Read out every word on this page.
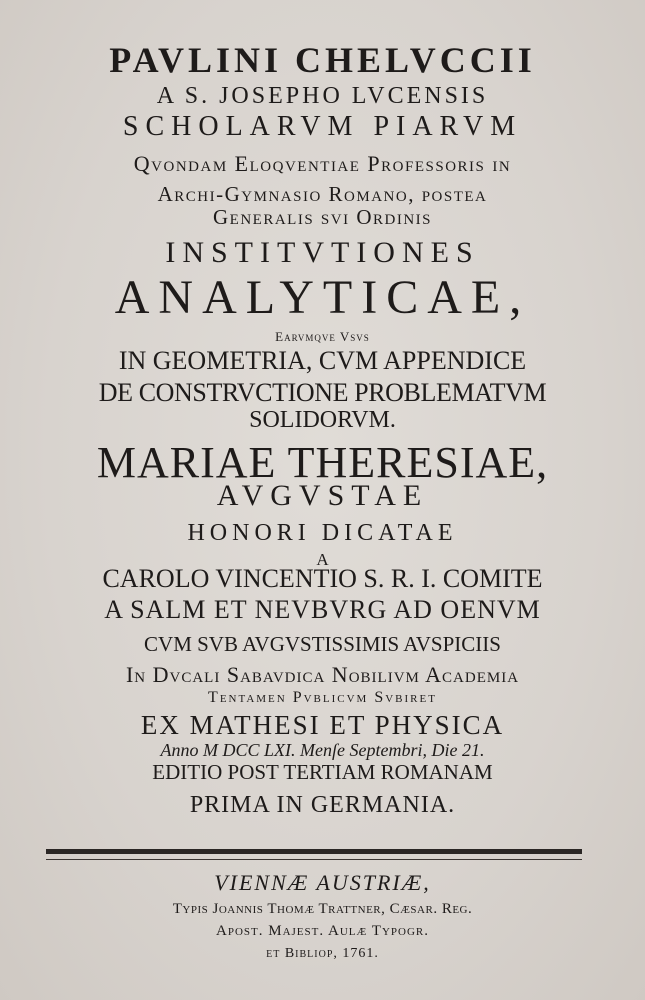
PAVLINI CHELVCCII
A S. JOSEPHO LVCENSIS
SCHOLARVM PIARVM
Qvondam Eloqventiae Professoris in
Archi-Gymnasio Romano, postea
Generalis svi Ordinis
INSTITVTIONES
ANALYTICAE,
Earvmqve Vsvs
IN GEOMETRIA, CVM APPENDICE
DE CONSTRVCTIONE PROBLEMATVM
SOLIDORVM.
MARIAE THERESIAE,
AVGVSTAE
HONORI DICATAE
A
CAROLO VINCENTIO S. R. I. COMITE
A SALM ET NEVBVRG AD OENVM
CVM SVB AVGVSTISSIMIS AVSPICIIS
In Dvcali Sabavdica Nobilivm Academia
Tentamen Pvblicvm Svbiret
EX MATHESI ET PHYSICA
Anno M DCC LXI. Menſe Septembri, Die 21.
EDITIO POST TERTIAM ROMANAM
PRIMA IN GERMANIA.
VIENNÆ AUSTRIÆ,
Typis Joannis Thomæ Trattner, Cæsar. Reg.
Apost. Majest. Aulæ Typogr.
et Bibliop, 1761.
